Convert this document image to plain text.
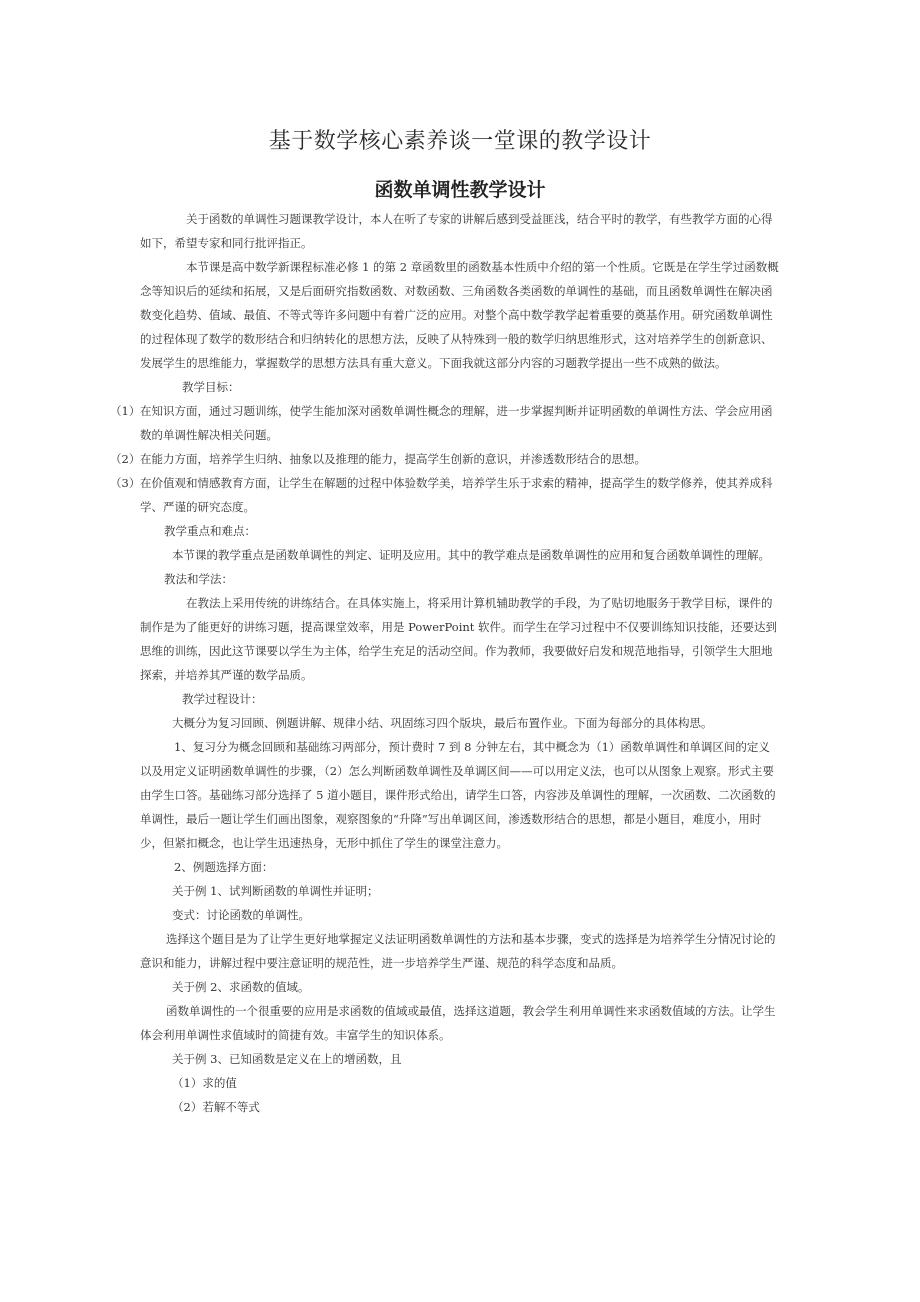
基于数学核心素养谈一堂课的教学设计
函数单调性教学设计

关于函数的单调性习题课教学设计，本人在听了专家的讲解后感到受益匪浅，结合平时的教学，有些教学方面的心得如下，希望专家和同行批评指正。

本节课是高中数学新课程标准必修 1 的第 2 章函数里的函数基本性质中介绍的第一个性质。它既是在学生学过函数概念等知识后的延续和拓展，又是后面研究指数函数、对数函数、三角函数各类函数的单调性的基础，而且函数单调性在解决函数变化趋势、值域、最值、不等式等许多问题中有着广泛的应用。对整个高中数学教学起着重要的奠基作用。研究函数单调性的过程体现了数学的数形结合和归纳转化的思想方法，反映了从特殊到一般的数学归纳思维形式，这对培养学生的创新意识、发展学生的思维能力，掌握数学的思想方法具有重大意义。下面我就这部分内容的习题教学提出一些不成熟的做法。

教学目标：

（1）在知识方面，通过习题训练，使学生能加深对函数单调性概念的理解，进一步掌握判断并证明函数的单调性方法、学会应用函数的单调性解决相关问题。

（2）在能力方面，培养学生归纳、抽象以及推理的能力，提高学生创新的意识，并渗透数形结合的思想。

（3）在价值观和情感教育方面，让学生在解题的过程中体验数学美，培养学生乐于求索的精神，提高学生的数学修养，使其养成科学、严谨的研究态度。

教学重点和难点：

本节课的教学重点是函数单调性的判定、证明及应用。其中的教学难点是函数单调性的应用和复合函数单调性的理解。

教法和学法：

在教法上采用传统的讲练结合。在具体实施上，将采用计算机辅助教学的手段，为了贴切地服务于教学目标，课件的制作是为了能更好的讲练习题，提高课堂效率，用是 PowerPoint 软件。而学生在学习过程中不仅要训练知识技能，还要达到思维的训练，因此这节课要以学生为主体，给学生充足的活动空间。作为教师，我要做好启发和规范地指导，引领学生大胆地探索，并培养其严谨的数学品质。

教学过程设计：

大概分为复习回顾、例题讲解、规律小结、巩固练习四个版块，最后布置作业。下面为每部分的具体构思。

1、复习分为概念回顾和基础练习两部分，预计费时 7 到 8 分钟左右，其中概念为（1）函数单调性和单调区间的定义以及用定义证明函数单调性的步骤，（2）怎么判断函数单调性及单调区间——可以用定义法，也可以从图象上观察。形式主要由学生口答。基础练习部分选择了 5 道小题目，课件形式给出，请学生口答，内容涉及单调性的理解，一次函数、二次函数的单调性，最后一题让学生们画出图象，观察图象的“升降”写出单调区间，渗透数形结合的思想，都是小题目，难度小，用时少，但紧扣概念，也让学生迅速热身，无形中抓住了学生的课堂注意力。

2、例题选择方面：

关于例 1、试判断函数的单调性并证明；

变式：讨论函数的单调性。

选择这个题目是为了让学生更好地掌握定义法证明函数单调性的方法和基本步骤，变式的选择是为培养学生分情况讨论的意识和能力，讲解过程中要注意证明的规范性，进一步培养学生严谨、规范的科学态度和品质。

关于例 2、求函数的值域。

函数单调性的一个很重要的应用是求函数的值域或最值，选择这道题，教会学生利用单调性来求函数值域的方法。让学生体会利用单调性求值域时的简捷有效。丰富学生的知识体系。

关于例 3、已知函数是定义在上的增函数，且

（1）求的值

（2）若解不等式
